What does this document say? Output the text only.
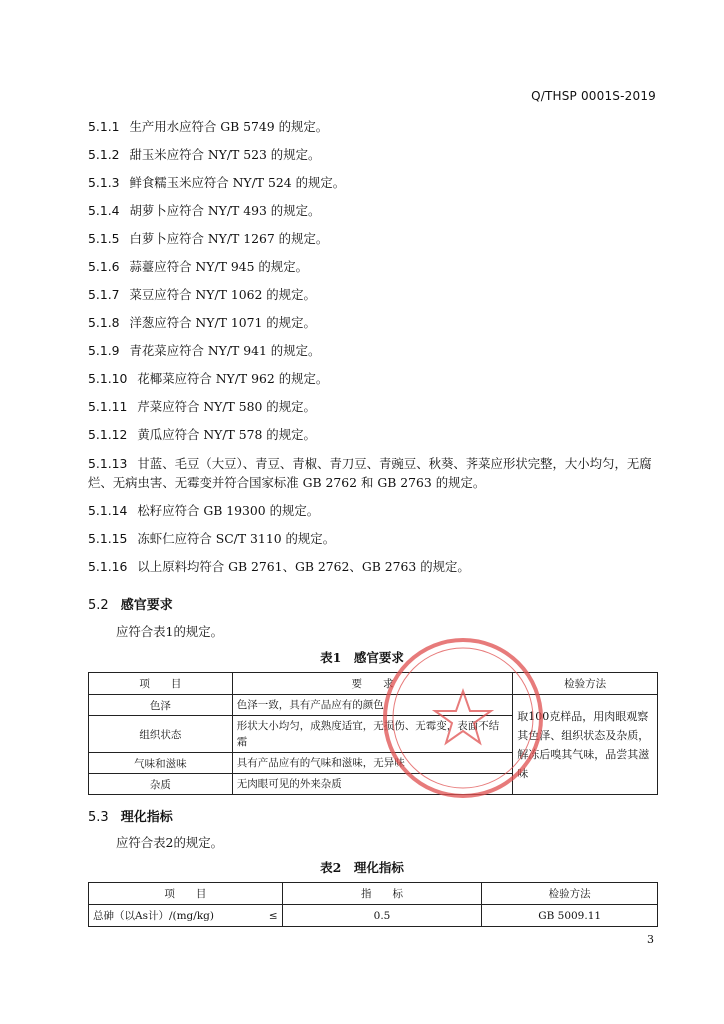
Q/THSP 0001S-2019

5.1.1 生产用水应符合 GB 5749 的规定。

5.1.2 甜玉米应符合 NY/T 523 的规定。

5.1.3 鲜食糯玉米应符合 NY/T 524 的规定。

5.1.4 胡萝卜应符合 NY/T 493 的规定。

5.1.5 白萝卜应符合 NY/T 1267 的规定。

5.1.6 蒜薹应符合 NY/T 945 的规定。

5.1.7 菜豆应符合 NY/T 1062 的规定。

5.1.8 洋葱应符合 NY/T 1071 的规定。

5.1.9 青花菜应符合 NY/T 941 的规定。

5.1.10 花椰菜应符合 NY/T 962 的规定。

5.1.11 芹菜应符合 NY/T 580 的规定。

5.1.12 黄瓜应符合 NY/T 578 的规定。

5.1.13 甘蓝、毛豆（大豆）、青豆、青椒、青刀豆、青豌豆、秋葵、荠菜应形状完整，大小均匀，无腐烂、无病虫害、无霉变并符合国家标准 GB 2762 和 GB 2763 的规定。

5.1.14 松籽应符合 GB 19300 的规定。

5.1.15 冻虾仁应符合 SC/T 3110 的规定。

5.1.16 以上原料均符合 GB 2761、GB 2762、GB 2763 的规定。

5.2 感官要求
应符合表1的规定。
表1　感官要求
项　　目	要　　求	检验方法
色泽	色泽一致，具有产品应有的颜色	取100克样品，用肉眼观察其色泽、组织状态及杂质，解冻后嗅其气味，品尝其滋味
组织状态	形状大小均匀，成熟度适宜，无损伤、无霉变，表面不结霜	
气味和滋味	具有产品应有的气味和滋味，无异味	
杂质	无肉眼可见的外来杂质	
5.3 理化指标
应符合表2的规定。
表2　理化指标
项　　目		指　　标	检验方法
总砷（以As计）/(mg/kg)	≤	0.5	GB 5009.11
3
